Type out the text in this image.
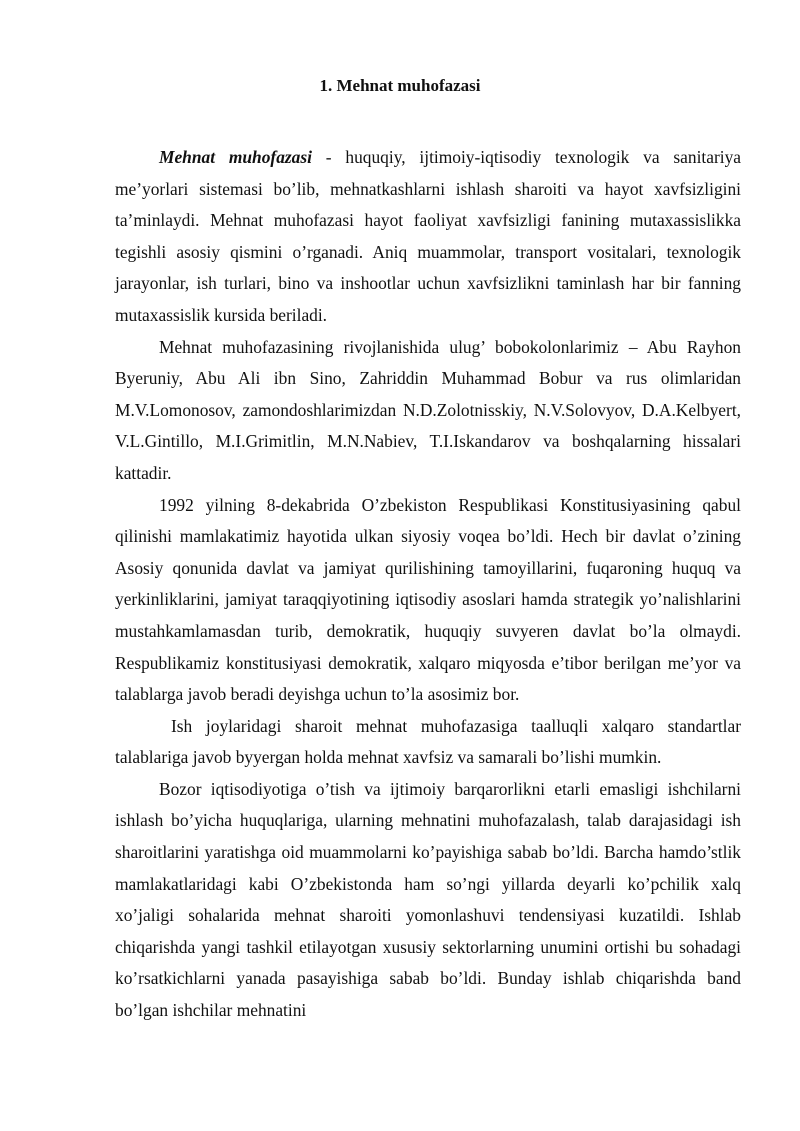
1. Mehnat muhofazasi

Mehnat muhofazasi - huquqiy, ijtimoiy-iqtisodiy texnologik va sanitariya me’yorlari sistemasi bo’lib, mehnatkashlarni ishlash sharoiti va hayot xavfsizligini ta’minlaydi. Mehnat muhofazasi hayot faoliyat xavfsizligi fanining mutaxassislikka tegishli asosiy qismini o’rganadi. Aniq muammolar, transport vositalari, texnologik jarayonlar, ish turlari, bino va inshootlar uchun xavfsizlikni taminlash har bir fanning mutaxassislik kursida beriladi.

Mehnat muhofazasining rivojlanishida ulug’ bobokolonlarimiz – Abu Rayhon Byeruniy, Abu Ali ibn Sino, Zahriddin Muhammad Bobur va rus olimlaridan M.V.Lomonosov, zamondoshlarimizdan N.D.Zolotnisskiy, N.V.Solovyov, D.A.Kelbyert, V.L.Gintillo, M.I.Grimitlin, M.N.Nabiev, T.I.Iskandarov va boshqalarning hissalari kattadir.

1992 yilning 8-dekabrida O’zbekiston Respublikasi Konstitusiyasining qabul qilinishi mamlakatimiz hayotida ulkan siyosiy voqea bo’ldi. Hech bir davlat o’zining Asosiy qonunida davlat va jamiyat qurilishining tamoyillarini, fuqaroning huquq va yerkinliklarini, jamiyat taraqqiyotining iqtisodiy asoslari hamda strategik yo’nalishlarini mustahkamlamasdan turib, demokratik, huquqiy suvyeren davlat bo’la olmaydi. Respublikamiz konstitusiyasi demokratik, xalqaro miqyosda e’tibor berilgan me’yor va talablarga javob beradi deyishga uchun to’la asosimiz bor.

Ish joylaridagi sharoit mehnat muhofazasiga taalluqli xalqaro standartlar talablariga javob byyergan holda mehnat xavfsiz va samarali bo’lishi mumkin.

Bozor iqtisodiyotiga o’tish va ijtimoiy barqarorlikni etarli emasligi ishchilarni ishlash bo’yicha huquqlariga, ularning mehnatini muhofazalash, talab darajasidagi ish sharoitlarini yaratishga oid muammolarni ko’payishiga sabab bo’ldi. Barcha hamdo’stlik mamlakatlaridagi kabi O’zbekistonda ham so’ngi yillarda deyarli ko’pchilik xalq xo’jaligi sohalarida mehnat sharoiti yomonlashuvi tendensiyasi kuzatildi. Ishlab chiqarishda yangi tashkil etilayotgan xususiy sektorlarning unumini ortishi bu sohadagi ko’rsatkichlarni yanada pasayishiga sabab bo’ldi. Bunday ishlab chiqarishda band bo’lgan ishchilar mehnatini
